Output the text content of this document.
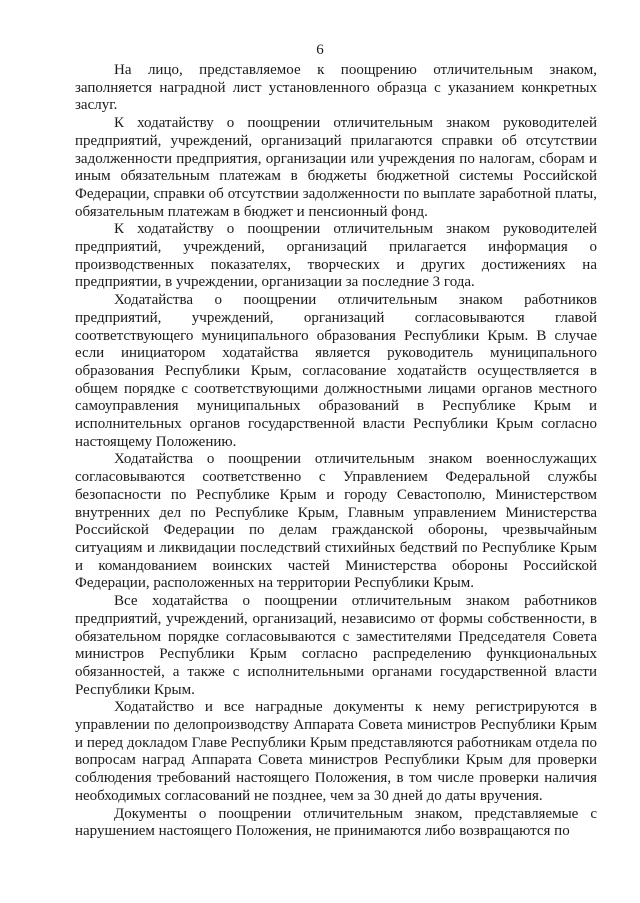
6

На лицо, представляемое к поощрению отличительным знаком, заполняется наградной лист установленного образца с указанием конкретных заслуг.

К ходатайству о поощрении отличительным знаком руководителей предприятий, учреждений, организаций прилагаются справки об отсутствии задолженности предприятия, организации или учреждения по налогам, сборам и иным обязательным платежам в бюджеты бюджетной системы Российской Федерации, справки об отсутствии задолженности по выплате заработной платы, обязательным платежам в бюджет и пенсионный фонд.

К ходатайству о поощрении отличительным знаком руководителей предприятий, учреждений, организаций прилагается информация о производственных показателях, творческих и других достижениях на предприятии, в учреждении, организации за последние 3 года.

Ходатайства о поощрении отличительным знаком работников предприятий, учреждений, организаций согласовываются главой соответствующего муниципального образования Республики Крым. В случае если инициатором ходатайства является руководитель муниципального образования Республики Крым, согласование ходатайств осуществляется в общем порядке с соответствующими должностными лицами органов местного самоуправления муниципальных образований в Республике Крым и исполнительных органов государственной власти Республики Крым согласно настоящему Положению.

Ходатайства о поощрении отличительным знаком военнослужащих согласовываются соответственно с Управлением Федеральной службы безопасности по Республике Крым и городу Севастополю, Министерством внутренних дел по Республике Крым, Главным управлением Министерства Российской Федерации по делам гражданской обороны, чрезвычайным ситуациям и ликвидации последствий стихийных бедствий по Республике Крым и командованием воинских частей Министерства обороны Российской Федерации, расположенных на территории Республики Крым.

Все ходатайства о поощрении отличительным знаком работников предприятий, учреждений, организаций, независимо от формы собственности, в обязательном порядке согласовываются с заместителями Председателя Совета министров Республики Крым согласно распределению функциональных обязанностей, а также с исполнительными органами государственной власти Республики Крым.

Ходатайство и все наградные документы к нему регистрируются в управлении по делопроизводству Аппарата Совета министров Республики Крым и перед докладом Главе Республики Крым представляются работникам отдела по вопросам наград Аппарата Совета министров Республики Крым для проверки соблюдения требований настоящего Положения, в том числе проверки наличия необходимых согласований не позднее, чем за 30 дней до даты вручения.

Документы о поощрении отличительным знаком, представляемые с нарушением настоящего Положения, не принимаются либо возвращаются по
